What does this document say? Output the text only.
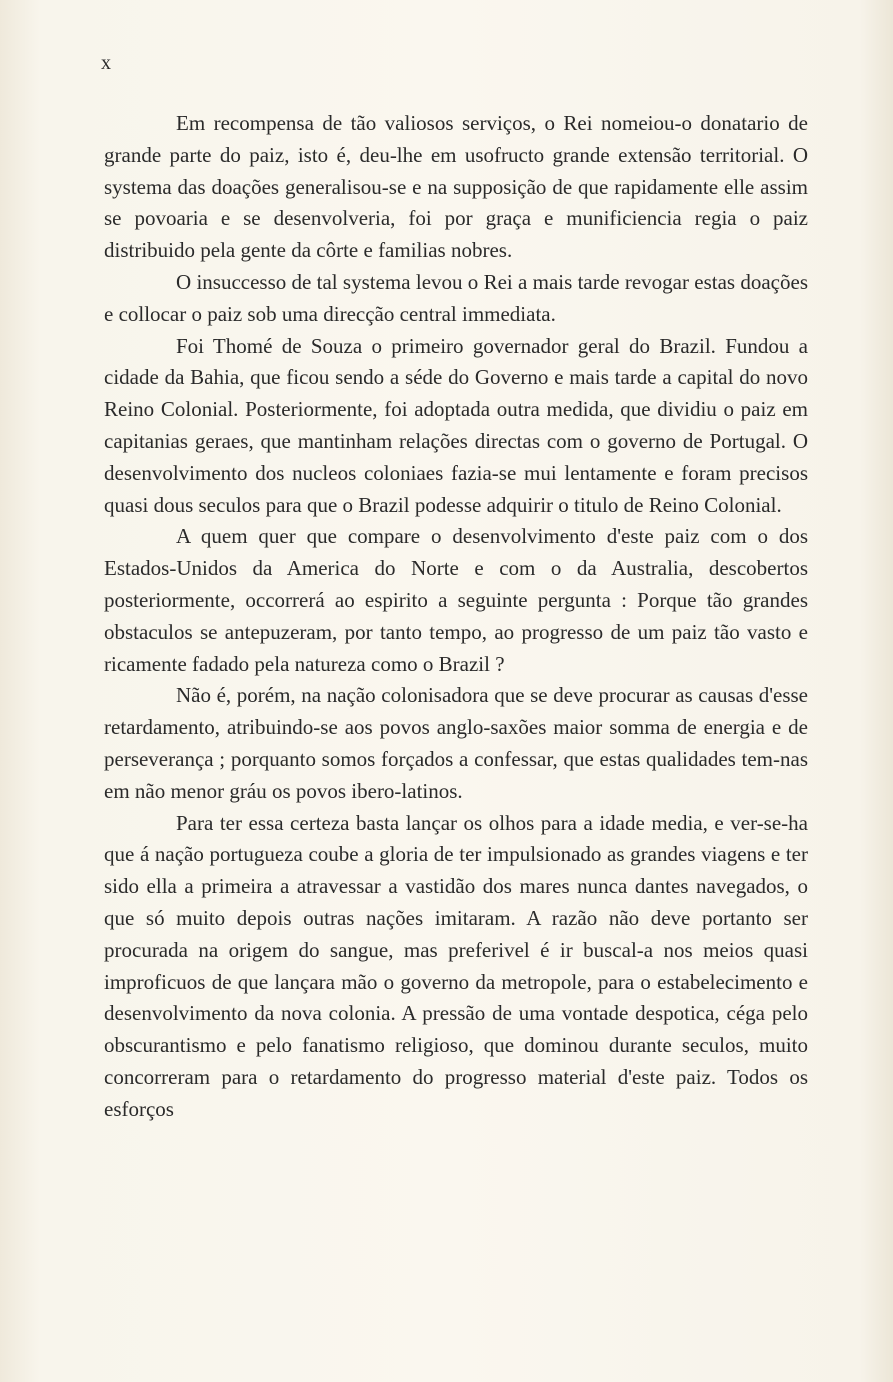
x

Em recompensa de tão valiosos serviços, o Rei nomeiou-o donatario de grande parte do paiz, isto é, deu-lhe em usofructo grande extensão territorial. O systema das doações generalisou-se e na supposição de que rapidamente elle assim se povoaria e se desenvolveria, foi por graça e munificiencia regia o paiz distribuido pela gente da côrte e familias nobres.

O insuccesso de tal systema levou o Rei a mais tarde revogar estas doações e collocar o paiz sob uma direcção central immediata.

Foi Thomé de Souza o primeiro governador geral do Brazil. Fundou a cidade da Bahia, que ficou sendo a séde do Governo e mais tarde a capital do novo Reino Colonial. Posteriormente, foi adoptada outra medida, que dividiu o paiz em capitanias geraes, que mantinham relações directas com o governo de Portugal. O desenvolvimento dos nucleos coloniaes fazia-se mui lentamente e foram precisos quasi dous seculos para que o Brazil podesse adquirir o titulo de Reino Colonial.

A quem quer que compare o desenvolvimento d'este paiz com o dos Estados-Unidos da America do Norte e com o da Australia, descobertos posteriormente, occorrerá ao espirito a seguinte pergunta : Porque tão grandes obstaculos se antepuzeram, por tanto tempo, ao progresso de um paiz tão vasto e ricamente fadado pela natureza como o Brazil ?

Não é, porém, na nação colonisadora que se deve procurar as causas d'esse retardamento, atribuindo-se aos povos anglo-saxões maior somma de energia e de perseverança ; porquanto somos forçados a confessar, que estas qualidades tem-nas em não menor gráu os povos ibero-latinos.

Para ter essa certeza basta lançar os olhos para a idade media, e ver-se-ha que á nação portugueza coube a gloria de ter impulsionado as grandes viagens e ter sido ella a primeira a atravessar a vastidão dos mares nunca dantes navegados, o que só muito depois outras nações imitaram. A razão não deve portanto ser procurada na origem do sangue, mas preferivel é ir buscal-a nos meios quasi improficuos de que lançara mão o governo da metropole, para o estabelecimento e desenvolvimento da nova colonia. A pressão de uma vontade despotica, céga pelo obscurantismo e pelo fanatismo religioso, que dominou durante seculos, muito concorreram para o retardamento do progresso material d'este paiz. Todos os esforços
